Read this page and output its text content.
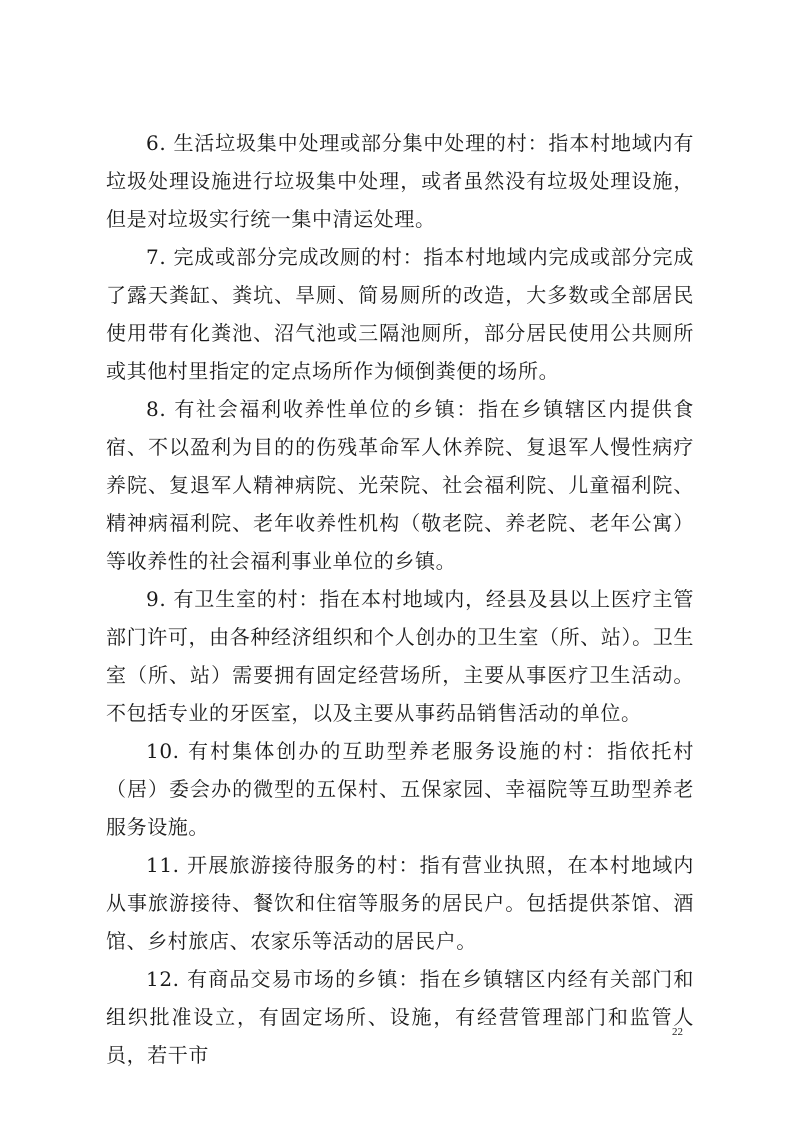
6. 生活垃圾集中处理或部分集中处理的村：指本村地域内有垃圾处理设施进行垃圾集中处理，或者虽然没有垃圾处理设施，但是对垃圾实行统一集中清运处理。

7. 完成或部分完成改厕的村：指本村地域内完成或部分完成了露天粪缸、粪坑、旱厕、简易厕所的改造，大多数或全部居民使用带有化粪池、沼气池或三隔池厕所，部分居民使用公共厕所或其他村里指定的定点场所作为倾倒粪便的场所。

8. 有社会福利收养性单位的乡镇：指在乡镇辖区内提供食宿、不以盈利为目的的伤残革命军人休养院、复退军人慢性病疗养院、复退军人精神病院、光荣院、社会福利院、儿童福利院、精神病福利院、老年收养性机构（敬老院、养老院、老年公寓）等收养性的社会福利事业单位的乡镇。

9. 有卫生室的村：指在本村地域内，经县及县以上医疗主管部门许可，由各种经济组织和个人创办的卫生室（所、站）。卫生室（所、站）需要拥有固定经营场所，主要从事医疗卫生活动。不包括专业的牙医室，以及主要从事药品销售活动的单位。

10. 有村集体创办的互助型养老服务设施的村：指依托村（居）委会办的微型的五保村、五保家园、幸福院等互助型养老服务设施。

11. 开展旅游接待服务的村：指有营业执照，在本村地域内从事旅游接待、餐饮和住宿等服务的居民户。包括提供茶馆、酒馆、乡村旅店、农家乐等活动的居民户。

12. 有商品交易市场的乡镇：指在乡镇辖区内经有关部门和组织批准设立，有固定场所、设施，有经营管理部门和监管人员，若干市

22
